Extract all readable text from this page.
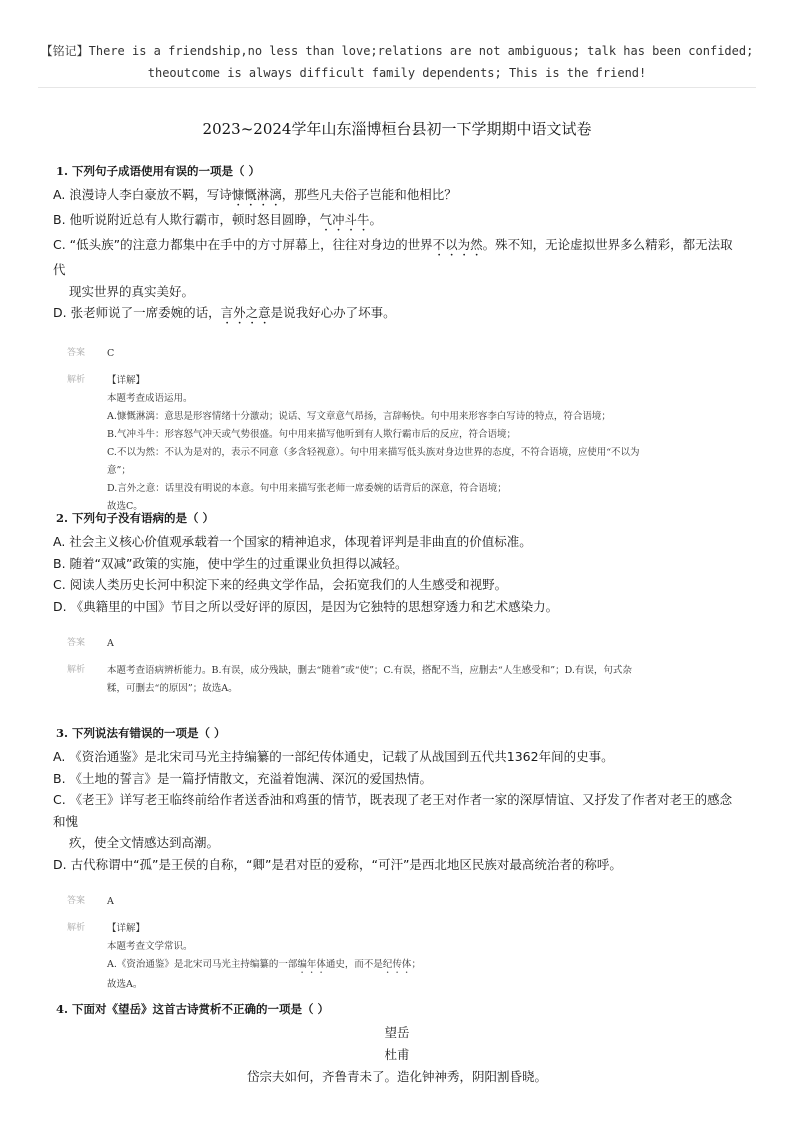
【铭记】There is a friendship,no less than love;relations are not ambiguous; talk has been confided;
theoutcome is always difficult family dependents; This is the friend!
2023~2024学年山东淄博桓台县初一下学期期中语文试卷
1. 下列句子成语使用有误的一项是（ ）
A. 浪漫诗人李白豪放不羁，写诗慷慨淋漓，那些凡夫俗子岂能和他相比？
B. 他听说附近总有人欺行霸市，顿时怒目圆睁，气冲斗牛。
C. “低头族”的注意力都集中在手中的方寸屏幕上，往往对身边的世界不以为然。殊不知，无论虚拟世界多么精彩，都无法取代
现实世界的真实美好。
D. 张老师说了一席委婉的话，言外之意是说我好心办了坏事。
答案 C
解析 【详解】
本题考查成语运用。
A.慷慨淋漓：意思是形容情绪十分激动；说话、写文章意气昂扬，言辞畅快。句中用来形容李白写诗的特点，符合语境；
B.气冲斗牛：形容怒气冲天或气势很盛。句中用来描写他听到有人欺行霸市后的反应，符合语境；
C.不以为然：不认为是对的，表示不同意（多含轻视意）。句中用来描写低头族对身边世界的态度，不符合语境，应使用“不以为
意”；
D.言外之意：话里没有明说的本意。句中用来描写张老师一席委婉的话背后的深意，符合语境；
故选C。
2. 下列句子没有语病的是（ ）
A. 社会主义核心价值观承载着一个国家的精神追求，体现着评判是非曲直的价值标准。
B. 随着“双减”政策的实施，使中学生的过重课业负担得以减轻。
C. 阅读人类历史长河中积淀下来的经典文学作品，会拓宽我们的人生感受和视野。
D. 《典籍里的中国》节目之所以受好评的原因，是因为它独特的思想穿透力和艺术感染力。
答案 A
解析 本题考查语病辨析能力。B.有误，成分残缺，删去“随着”或“使”；C.有误，搭配不当，应删去“人生感受和”；D.有误，句式杂
糅，可删去“的原因”；故选A。
3. 下列说法有错误的一项是（ ）
A. 《资治通鉴》是北宋司马光主持编纂的一部纪传体通史，记载了从战国到五代共1362年间的史事。
B. 《土地的誓言》是一篇抒情散文，充溢着饱满、深沉的爱国热情。
C. 《老王》详写老王临终前给作者送香油和鸡蛋的情节，既表现了老王对作者一家的深厚情谊、又抒发了作者对老王的感念和愧
疚，使全文情感达到高潮。
D. 古代称谓中“孤”是王侯的自称，“卿”是君对臣的爱称，“可汗”是西北地区民族对最高统治者的称呼。
答案 A
解析 【详解】
本题考查文学常识。
A.《资治通鉴》是北宋司马光主持编纂的一部编年体通史，而不是纪传体；
故选A。
4. 下面对《望岳》这首古诗赏析不正确的一项是（ ）
望岳
杜甫
岱宗夫如何，齐鲁青未了。造化钟神秀，阴阳割昏晓。
